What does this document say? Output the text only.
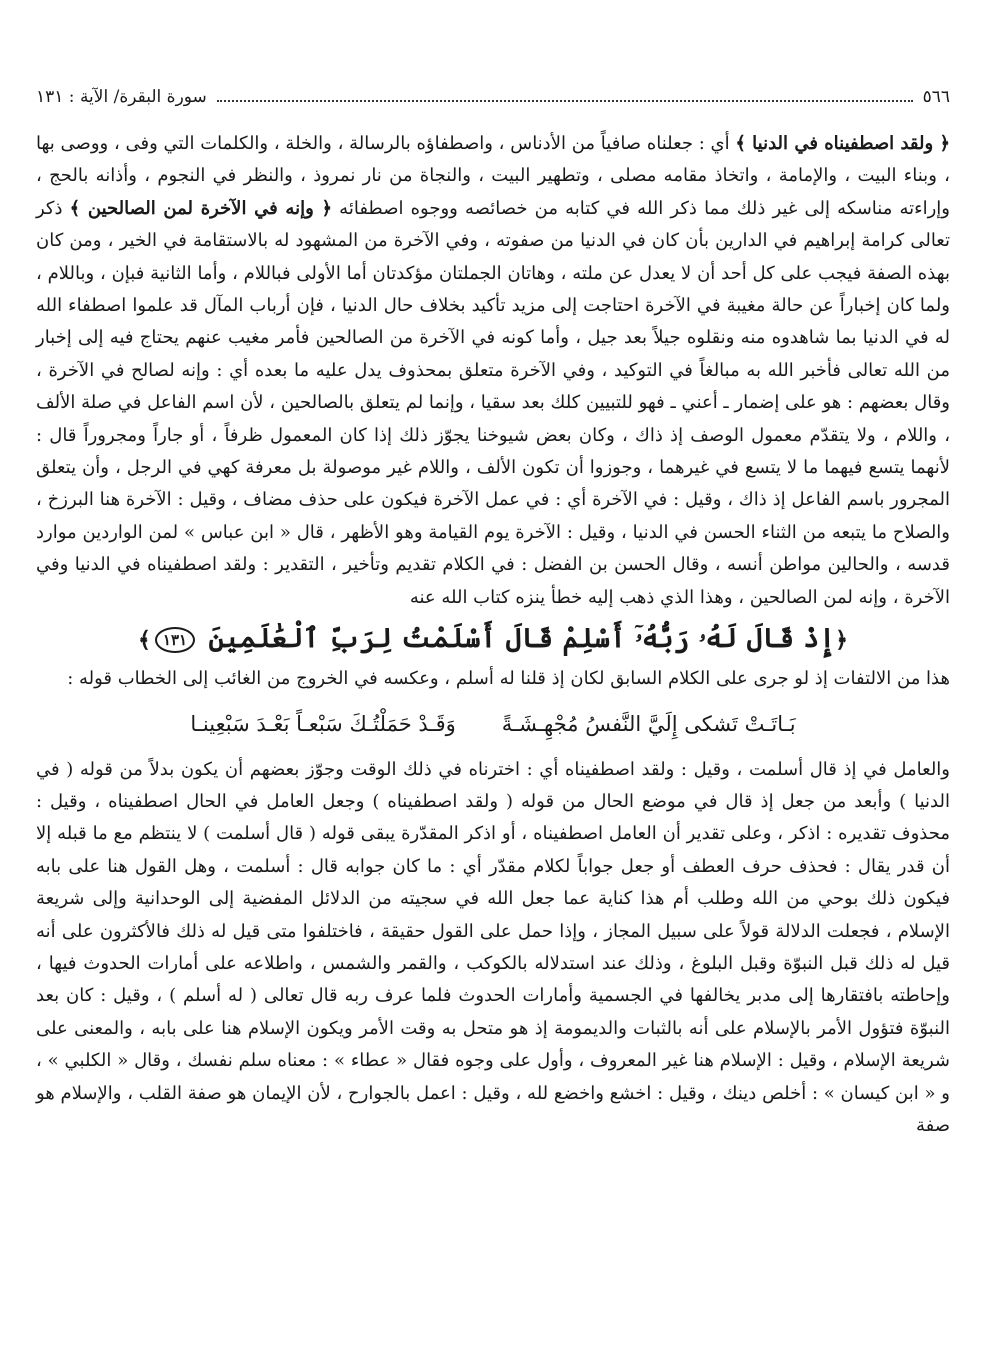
٥٦٦
سورة البقرة/ الآية : ١٣١

﴿ ولقد اصطفيناه في الدنيا ﴾ أي : جعلناه صافياً من الأدناس ، واصطفاؤه بالرسالة ، والخلة ، والكلمات التي وفى ، ووصى بها ، وبناء البيت ، والإمامة ، واتخاذ مقامه مصلى ، وتطهير البيت ، والنجاة من نار نمروذ ، والنظر في النجوم ، وأذانه بالحج ، وإراءته مناسكه إلى غير ذلك مما ذكر الله في كتابه من خصائصه ووجوه اصطفائه ﴿ وإنه في الآخرة لمن الصالحين ﴾ ذكر تعالى كرامة إبراهيم في الدارين بأن كان في الدنيا من صفوته ، وفي الآخرة من المشهود له بالاستقامة في الخير ، ومن كان بهذه الصفة فيجب على كل أحد أن لا يعدل عن ملته ، وهاتان الجملتان مؤكدتان أما الأولى فباللام ، وأما الثانية فبإن ، وباللام ، ولما كان إخباراً عن حالة مغيبة في الآخرة احتاجت إلى مزيد تأكيد بخلاف حال الدنيا ، فإن أرباب المآل قد علموا اصطفاء الله له في الدنيا بما شاهدوه منه ونقلوه جيلاً بعد جيل ، وأما كونه في الآخرة من الصالحين فأمر مغيب عنهم يحتاج فيه إلى إخبار من الله تعالى فأخبر الله به مبالغاً في التوكيد ، وفي الآخرة متعلق بمحذوف يدل عليه ما بعده أي : وإنه لصالح في الآخرة ، وقال بعضهم : هو على إضمار ـ أعني ـ فهو للتبيين كلك بعد سقيا ، وإنما لم يتعلق بالصالحين ، لأن اسم الفاعل في صلة الألف ، واللام ، ولا يتقدّم معمول الوصف إذ ذاك ، وكان بعض شيوخنا يجوّز ذلك إذا كان المعمول ظرفاً ، أو جاراً ومجروراً قال : لأنهما يتسع فيهما ما لا يتسع في غيرهما ، وجوزوا أن تكون الألف ، واللام غير موصولة بل معرفة كهي في الرجل ، وأن يتعلق المجرور باسم الفاعل إذ ذاك ، وقيل : في الآخرة أي : في عمل الآخرة فيكون على حذف مضاف ، وقيل : الآخرة هنا البرزخ ، والصلاح ما يتبعه من الثناء الحسن في الدنيا ، وقيل : الآخرة يوم القيامة وهو الأظهر ، قال « ابن عباس » لمن الواردين موارد قدسه ، والحالين مواطن أنسه ، وقال الحسن بن الفضل : في الكلام تقديم وتأخير ، التقدير : ولقد اصطفيناه في الدنيا وفي الآخرة ، وإنه لمن الصالحين ، وهذا الذي ذهب إليه خطأ ينزه كتاب الله عنه

﴿إِذْ قَالَ لَهُۥ رَبُّهُۥٓ أَسْلِمْ قَالَ أَسْلَمْتُ لِرَبِّ ٱلْعَٰلَمِينَ ١٣١﴾

هذا من الالتفات إذ لو جرى على الكلام السابق لكان إذ قلنا له أسلم ، وعكسه في الخروج من الغائب إلى الخطاب قوله :

بَـاتَـتْ تَشكى إِلَيَّ النَّفسُ مُجْهِـشَـةً
وَقَـدْ حَمَلْتُـكَ سَبْعـاً بَعْـدَ سَبْعِينـا

والعامل في إذ قال أسلمت ، وقيل : ولقد اصطفيناه أي : اخترناه في ذلك الوقت وجوّز بعضهم أن يكون بدلاً من قوله ( في الدنيا ) وأبعد من جعل إذ قال في موضع الحال من قوله ( ولقد اصطفيناه ) وجعل العامل في الحال اصطفيناه ، وقيل : محذوف تقديره : اذكر ، وعلى تقدير أن العامل اصطفيناه ، أو اذكر المقدّرة يبقى قوله ( قال أسلمت ) لا ينتظم مع ما قبله إلا أن قدر يقال : فحذف حرف العطف أو جعل جواباً لكلام مقدّر أي : ما كان جوابه قال : أسلمت ، وهل القول هنا على بابه فيكون ذلك بوحي من الله وطلب أم هذا كناية عما جعل الله في سجيته من الدلائل المفضية إلى الوحدانية وإلى شريعة الإسلام ، فجعلت الدلالة قولاً على سبيل المجاز ، وإذا حمل على القول حقيقة ، فاختلفوا متى قيل له ذلك فالأكثرون على أنه قيل له ذلك قبل النبوّة وقبل البلوغ ، وذلك عند استدلاله بالكوكب ، والقمر والشمس ، واطلاعه على أمارات الحدوث فيها ، وإحاطته بافتقارها إلى مدبر يخالفها في الجسمية وأمارات الحدوث فلما عرف ربه قال تعالى ( له أسلم ) ، وقيل : كان بعد النبوّة فتؤول الأمر بالإسلام على أنه بالثبات والديمومة إذ هو متحل به وقت الأمر ويكون الإسلام هنا على بابه ، والمعنى على شريعة الإسلام ، وقيل : الإسلام هنا غير المعروف ، وأول على وجوه فقال « عطاء » : معناه سلم نفسك ، وقال « الكلبي » ، و « ابن كيسان » : أخلص دينك ، وقيل : اخشع واخضع لله ، وقيل : اعمل بالجوارح ، لأن الإيمان هو صفة القلب ، والإسلام هو صفة
